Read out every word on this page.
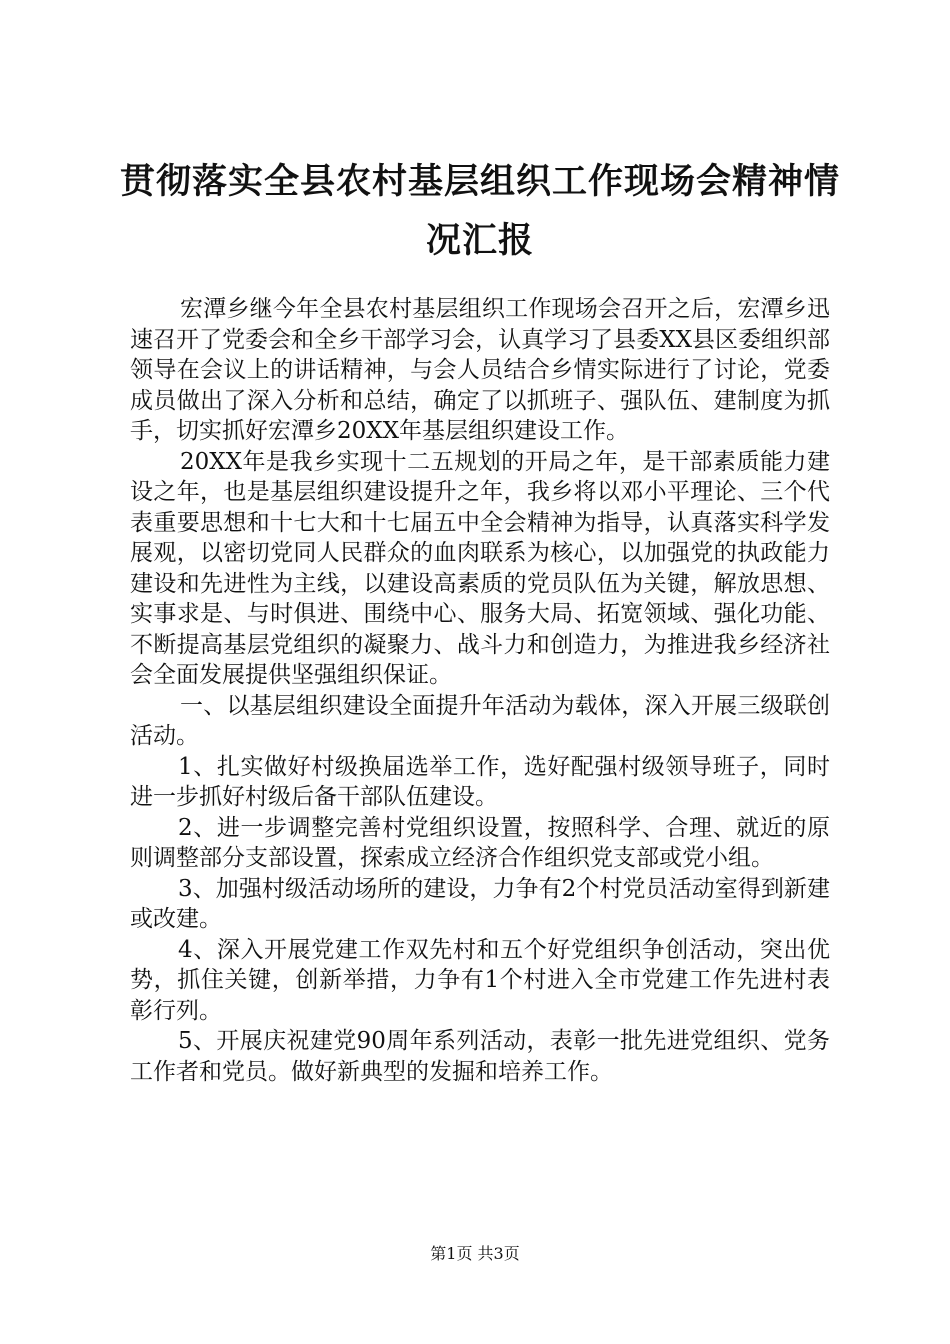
贯彻落实全县农村基层组织工作现场会精神情
况汇报

宏潭乡继今年全县农村基层组织工作现场会召开之后，宏潭乡迅速召开了党委会和全乡干部学习会，认真学习了县委XX县区委组织部领导在会议上的讲话精神，与会人员结合乡情实际进行了讨论，党委成员做出了深入分析和总结，确定了以抓班子、强队伍、建制度为抓手，切实抓好宏潭乡20XX年基层组织建设工作。

20XX年是我乡实现十二五规划的开局之年，是干部素质能力建设之年，也是基层组织建设提升之年，我乡将以邓小平理论、三个代表重要思想和十七大和十七届五中全会精神为指导，认真落实科学发展观，以密切党同人民群众的血肉联系为核心，以加强党的执政能力建设和先进性为主线，以建设高素质的党员队伍为关键，解放思想、实事求是、与时俱进、围绕中心、服务大局、拓宽领域、强化功能、不断提高基层党组织的凝聚力、战斗力和创造力，为推进我乡经济社会全面发展提供坚强组织保证。

一、以基层组织建设全面提升年活动为载体，深入开展三级联创活动。

1、扎实做好村级换届选举工作，选好配强村级领导班子，同时进一步抓好村级后备干部队伍建设。

2、进一步调整完善村党组织设置，按照科学、合理、就近的原则调整部分支部设置，探索成立经济合作组织党支部或党小组。

3、加强村级活动场所的建设，力争有2个村党员活动室得到新建或改建。

4、深入开展党建工作双先村和五个好党组织争创活动，突出优势，抓住关键，创新举措，力争有1个村进入全市党建工作先进村表彰行列。

5、开展庆祝建党90周年系列活动，表彰一批先进党组织、党务工作者和党员。做好新典型的发掘和培养工作。

第1页 共3页
